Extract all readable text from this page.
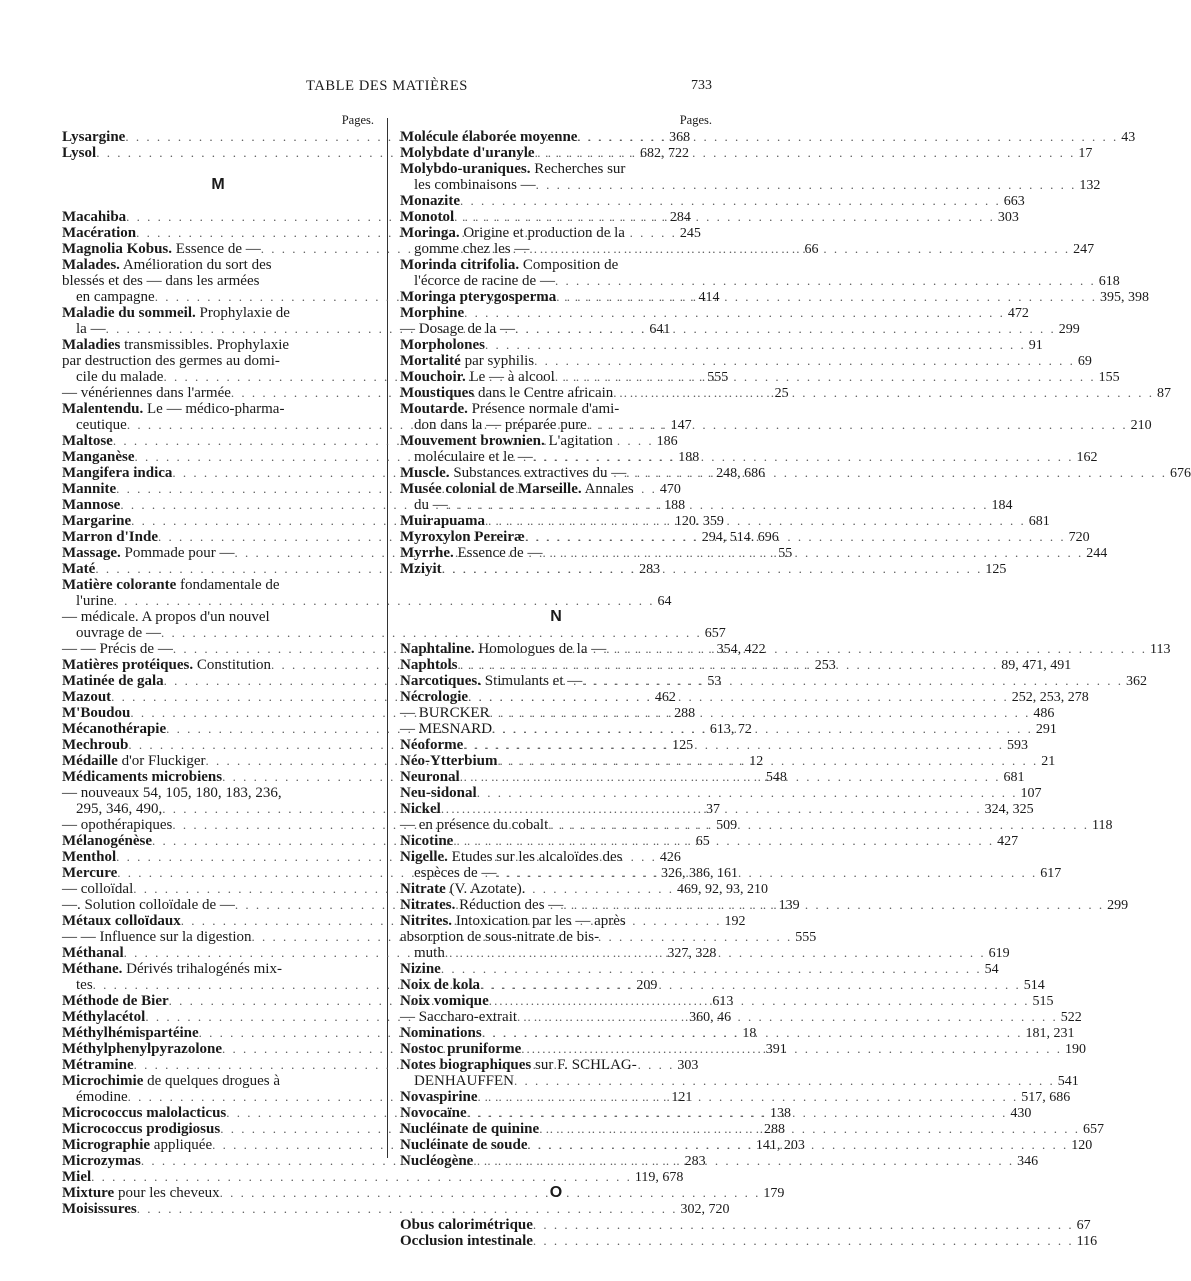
TABLE DES MATIÈRES	733
Pages.
Lysargine . . .	368
Lysol . . .	682, 722
M
Macahiba . . .	284
Macération . . .	245
Magnolia Kobus. Essence de — . . .	66
Malades. Amélioration du sort des
blessés et des — dans les armées
en campagne . . .	414
Maladie du sommeil. Prophylaxie de
la — . . .	641
Maladies transmissibles. Prophylaxie
par destruction des germes au domi-
cile du malade . . .	555
— vénériennes dans l'armée . . .	25
Malentendu. Le — médico-pharma-
ceutique . . .	147
Maltose . . .	186
Manganèse . . .	188
Mangifera indica . . .	248, 686
Mannite . . .	470
Mannose . . .	188
Margarine . . .	120. 359
Marron d'Inde . . .	294, 514. 696
Massage. Pommade pour — . . .	55
Maté . . .	283
Matière colorante fondamentale de
l'urine . . .	64
— médicale. A propos d'un nouvel
ouvrage de — . . .	657
— — Précis de — . . .	354, 422
Matières protéiques. Constitution . . .	253
Matinée de gala . . .	53
Mazout . . .	462
M'Boudou . . .	288
Mécanothérapie . . .	613, 72
Mechroub . . .	125
Médaille d'or Fluckiger . . .	12
Médicaments microbiens . . .	548
— nouveaux 54, 105, 180, 183, 236,
295, 346, 490, . . .	37
— opothérapiques . . .	509
Mélanogénèse . . .	65
Menthol . . .	426
Mercure . . .	326, 386, 161
— colloïdal . . .	469, 92, 93, 210
—. Solution colloïdale de — . . .	139
Métaux colloïdaux . . .	192
— — Influence sur la digestion . . .	555
Méthanal . . .	327, 328
Méthane. Dérivés trihalogénés mix-
tes . . .	209
Méthode de Bier . . .	613
Méthylacétol . . .	360, 46
Méthylhémispartéine . . .	18
Méthylphenylpyrazolone . . .	391
Métramine . . .	303
Microchimie de quelques drogues à
émodine . . .	121
Micrococcus malolacticus . . .	138
Micrococcus prodigiosus . . .	288
Micrographie appliquée . . .	141, 203
Microzymas . . .	283
Miel . . .	119, 678
Mixture pour les cheveux . . .	179
Moisissures . . .	302, 720
Pages.
Molécule élaborée moyenne . . .	43
Molybdate d'uranyle . . .	17
Molybdo-uraniques. Recherches sur
les combinaisons — . . .	132
Monazite . . .	663
Monotol . . .	303
Moringa. Origine et production de la
gomme chez les — . . .	247
Morinda citrifolia. Composition de
l'écorce de racine de — . . .	618
Moringa pterygosperma . . .	395, 398
Morphine . . .	472
— Dosage de la — . . .	299
Morpholones . . .	91
Mortalité par syphilis . . .	69
Mouchoir. Le — à alcool . . .	155
Moustiques dans le Centre africain . . .	87
Moutarde. Présence normale d'ami-
don dans la — préparée pure . . .	210
Mouvement brownien. L'agitation
moléculaire et le — . . .	162
Muscle. Substances extractives du — . . .	676
Musée colonial de Marseille. Annales
du — . . .	184
Muirapuama . . .	681
Myroxylon Pereiræ . . .	720
Myrrhe. Essence de — . . .	244
Mziyit . . .	125
N
Naphtaline. Homologues de la — . . .	113
Naphtols . . .	89, 471, 491
Narcotiques. Stimulants et — . . .	362
Nécrologie . . .	252, 253, 278
— BURCKER . . .	486
— MESNARD . . .	291
Néoforme . . .	593
Néo-Ytterbium . . .	21
Neuronal . . .	681
Neu-sidonal . . .	107
Nickel . . .	324, 325
— en présence du cobalt . . .	118
Nicotine . . .	427
Nigelle. Etudes sur les alcaloïdes des
espèces de — . . .	617
Nitrate (V. Azotate).
Nitrates. Réduction des — . . .	299
Nitrites. Intoxication par les — après
absorption de sous-nitrate de bis-
muth . . .	619
Nizine . . .	54
Noix de kola . . .	514
Noix vomique . . .	515
— Saccharo-extrait . . .	522
Nominations . . .	181, 231
Nostoc pruniforme . . .	190
Notes biographiques sur F. SCHLAG-
DENHAUFFEN . . .	541
Novaspirine . . .	517, 686
Novocaïne . . .	430
Nucléinate de quinine . . .	657
Nucléinate de soude . . .	120
Nucléogène . . .	346
O
Obus calorimétrique . . .	67
Occlusion intestinale . . .	116
